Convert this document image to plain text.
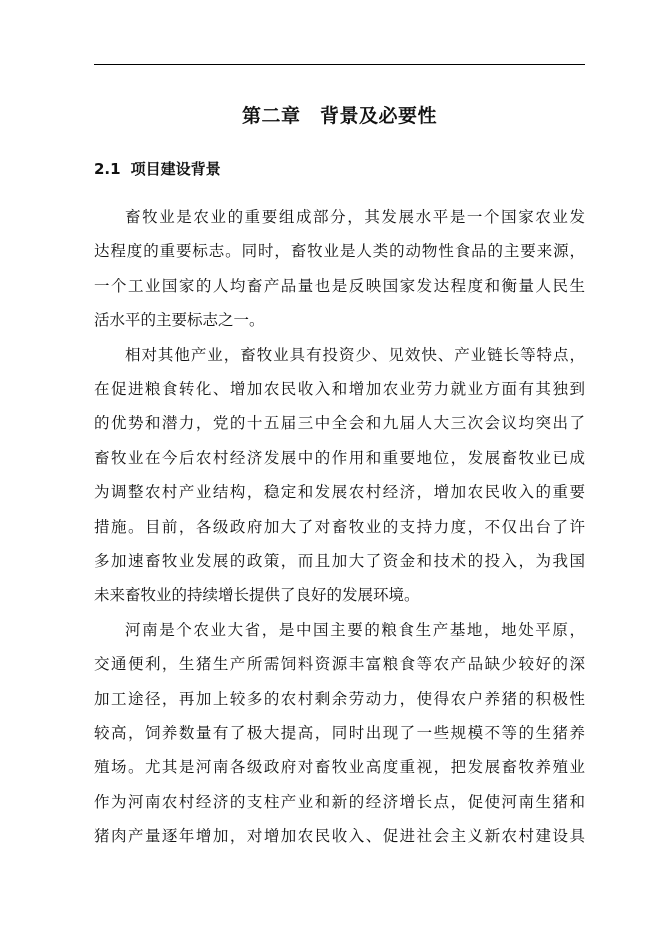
第二章　背景及必要性
2.1 项目建设背景
畜牧业是农业的重要组成部分，其发展水平是一个国家农业发
达程度的重要标志。同时，畜牧业是人类的动物性食品的主要来源，
一个工业国家的人均畜产品量也是反映国家发达程度和衡量人民生
活水平的主要标志之一。
相对其他产业，畜牧业具有投资少、见效快、产业链长等特点，
在促进粮食转化、增加农民收入和增加农业劳力就业方面有其独到
的优势和潜力，党的十五届三中全会和九届人大三次会议均突出了
畜牧业在今后农村经济发展中的作用和重要地位，发展畜牧业已成
为调整农村产业结构，稳定和发展农村经济，增加农民收入的重要
措施。目前，各级政府加大了对畜牧业的支持力度，不仅出台了许
多加速畜牧业发展的政策，而且加大了资金和技术的投入，为我国
未来畜牧业的持续增长提供了良好的发展环境。
河南是个农业大省，是中国主要的粮食生产基地，地处平原，
交通便利，生猪生产所需饲料资源丰富粮食等农产品缺少较好的深
加工途径，再加上较多的农村剩余劳动力，使得农户养猪的积极性
较高，饲养数量有了极大提高，同时出现了一些规模不等的生猪养
殖场。尤其是河南各级政府对畜牧业高度重视，把发展畜牧养殖业
作为河南农村经济的支柱产业和新的经济增长点，促使河南生猪和
猪肉产量逐年增加，对增加农民收入、促进社会主义新农村建设具
